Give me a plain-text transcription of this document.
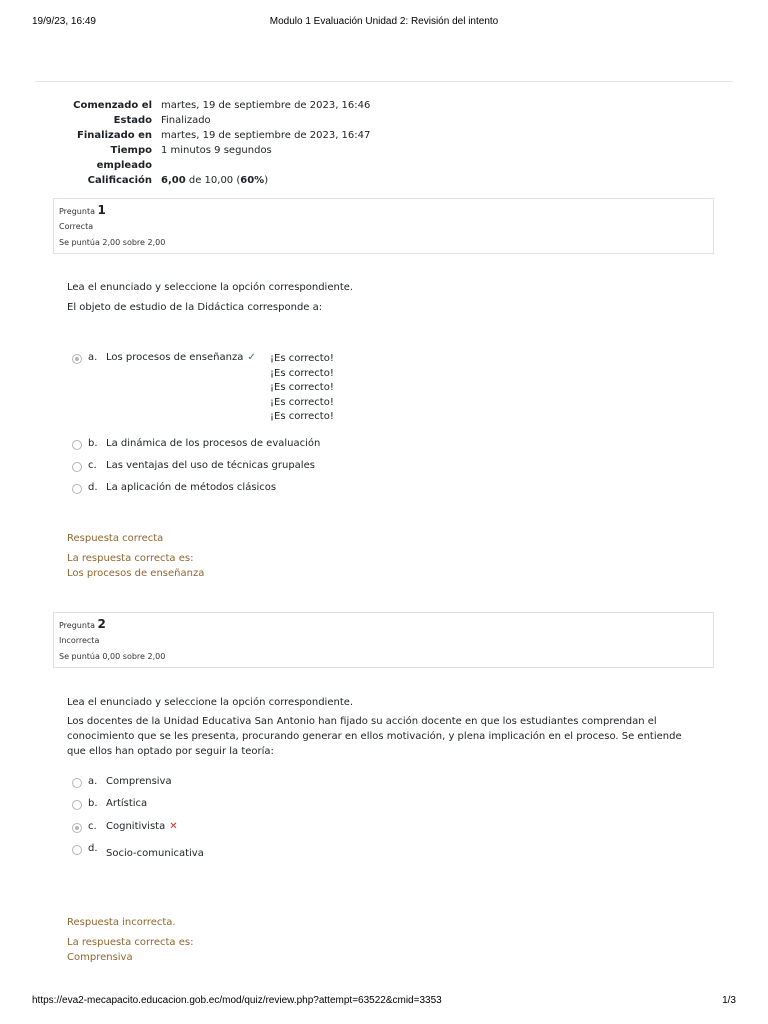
19/9/23, 16:49	Modulo 1 Evaluación Unidad 2: Revisión del intento
Comenzado el martes, 19 de septiembre de 2023, 16:46
Estado Finalizado
Finalizado en martes, 19 de septiembre de 2023, 16:47
Tiempo
empleado
1 minutos 9 segundos
Calificación 6,00 de 10,00 (60%)
Pregunta 1
Correcta
Se puntúa 2,00 sobre 2,00
Lea el enunciado y seleccione la opción correspondiente.
El objeto de estudio de la Didáctica corresponde a:
a. Los procesos de enseñanza ✓ ¡Es correcto!
¡Es correcto!
¡Es correcto!
¡Es correcto!
¡Es correcto!
b. La dinámica de los procesos de evaluación
c. Las ventajas del uso de técnicas grupales
d. La aplicación de métodos clásicos
Respuesta correcta
La respuesta correcta es:
Los procesos de enseñanza
Pregunta 2
Incorrecta
Se puntúa 0,00 sobre 2,00
Lea el enunciado y seleccione la opción correspondiente.
Los docentes de la Unidad Educativa San Antonio han fijado su acción docente en que los estudiantes comprendan el
conocimiento que se les presenta, procurando generar en ellos motivación, y plena implicación en el proceso. Se entiende
que ellos han optado por seguir la teoría:
a. Comprensiva
b. Artística
c. Cognitivista ✕
d. Socio-comunicativa
Respuesta incorrecta.
La respuesta correcta es:
Comprensiva
https://eva2-mecapacito.educacion.gob.ec/mod/quiz/review.php?attempt=63522&cmid=3353	1/3
